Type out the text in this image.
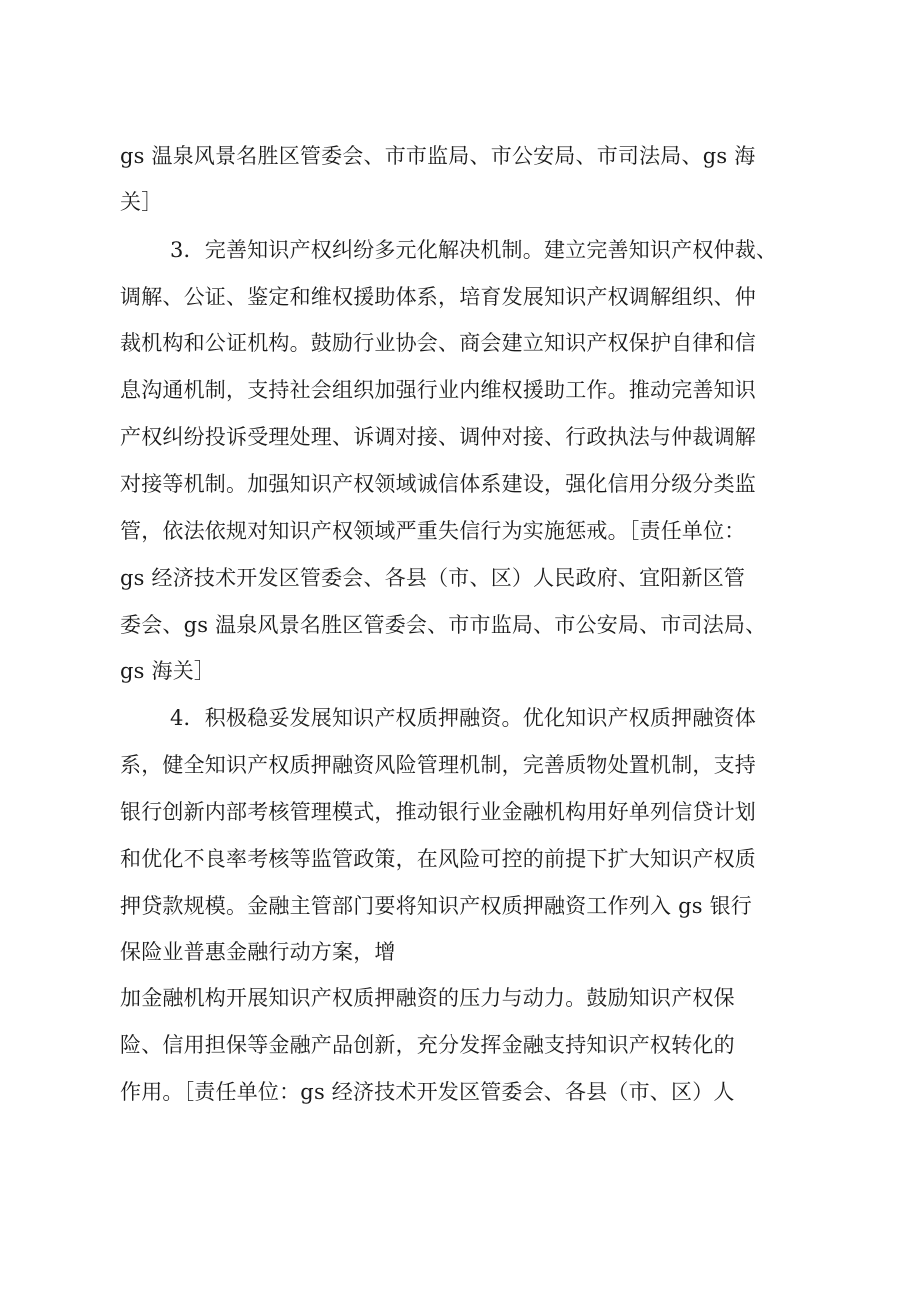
gs 温泉风景名胜区管委会、市市监局、市公安局、市司法局、gs 海
关］
3．完善知识产权纠纷多元化解决机制。建立完善知识产权仲裁、
调解、公证、鉴定和维权援助体系，培育发展知识产权调解组织、仲
裁机构和公证机构。鼓励行业协会、商会建立知识产权保护自律和信
息沟通机制，支持社会组织加强行业内维权援助工作。推动完善知识
产权纠纷投诉受理处理、诉调对接、调仲对接、行政执法与仲裁调解
对接等机制。加强知识产权领域诚信体系建设，强化信用分级分类监
管，依法依规对知识产权领域严重失信行为实施惩戒。［责任单位：
gs 经济技术开发区管委会、各县（市、区）人民政府、宜阳新区管
委会、gs 温泉风景名胜区管委会、市市监局、市公安局、市司法局、
gs 海关］
4．积极稳妥发展知识产权质押融资。优化知识产权质押融资体
系，健全知识产权质押融资风险管理机制，完善质物处置机制，支持
银行创新内部考核管理模式，推动银行业金融机构用好单列信贷计划
和优化不良率考核等监管政策，在风险可控的前提下扩大知识产权质
押贷款规模。金融主管部门要将知识产权质押融资工作列入 gs 银行
保险业普惠金融行动方案，增
加金融机构开展知识产权质押融资的压力与动力。鼓励知识产权保
险、信用担保等金融产品创新，充分发挥金融支持知识产权转化的
作用。［责任单位：gs 经济技术开发区管委会、各县（市、区）人
